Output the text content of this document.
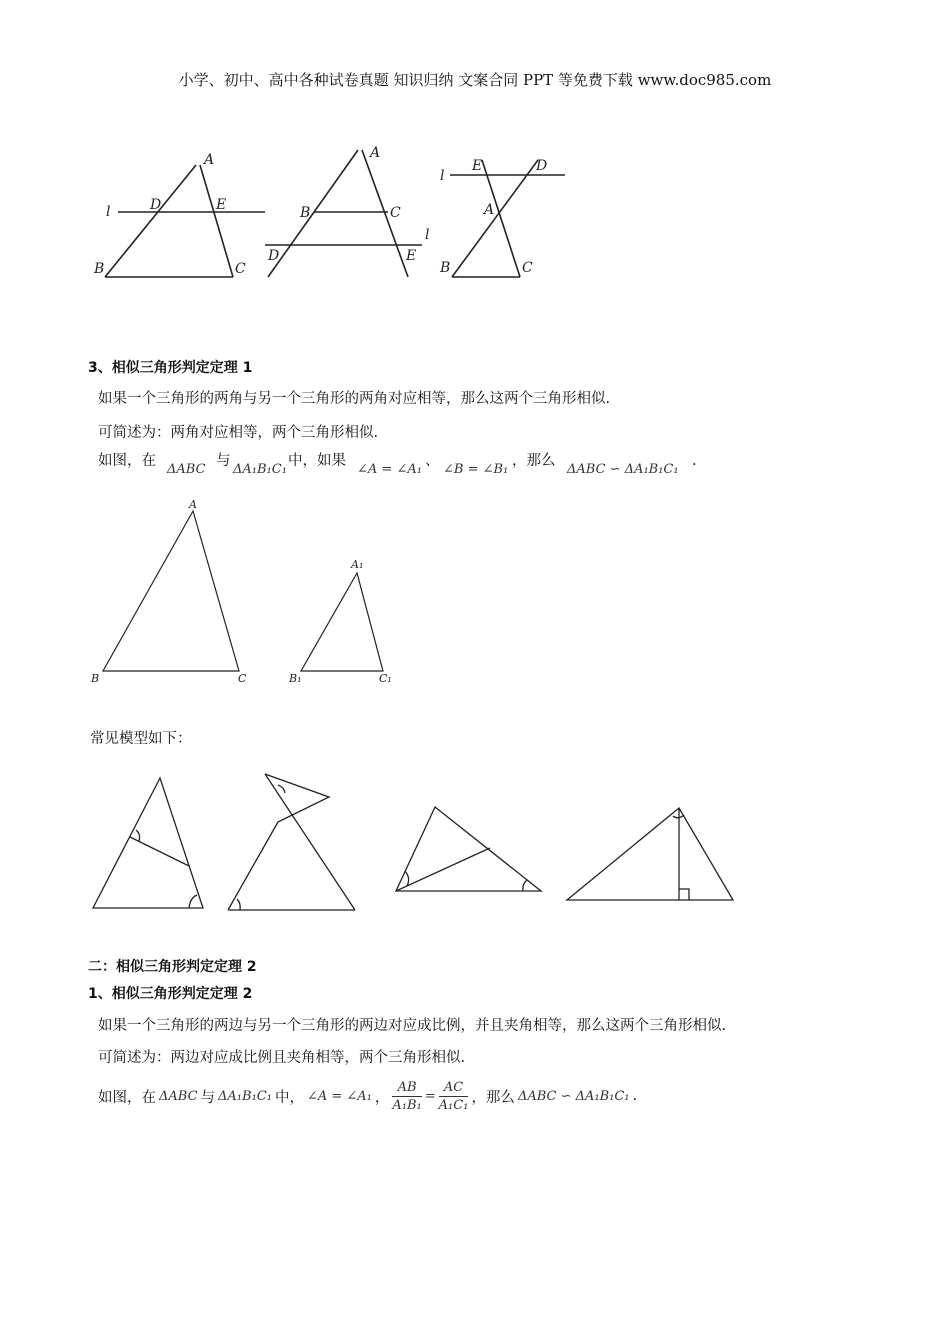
小学、初中、高中各种试卷真题 知识归纳 文案合同 PPT 等免费下载 www.doc985.com
A
D	E
l
B	C
A
B	C
l
D	E
E	D
l
A
B	C
3、相似三角形判定定理 1
如果一个三角形的两角与另一个三角形的两角对应相等，那么这两个三角形相似.
可简述为：两角对应相等，两个三角形相似.
如图，在
ΔABC
与
ΔA₁B₁C₁
中，如果
∠A = ∠A₁
、
∠B = ∠B₁
，那么
ΔABC ∽ ΔA₁B₁C₁
.
A
B	C
A₁
B₁	C₁
常见模型如下：
二：相似三角形判定定理 2
1、相似三角形判定定理 2
如果一个三角形的两边与另一个三角形的两边对应成比例，并且夹角相等，那么这两个三角形相似.
可简述为：两边对应成比例且夹角相等，两个三角形相似.
如图，在 ΔABC 与 ΔA₁B₁C₁ 中， ∠A = ∠A₁ ， $\frac{AB}{\text{A₁B₁}} = \frac{AC}{\text{A₁C₁}}$ ，那么 ΔABC ∽ ΔA₁B₁C₁ .
